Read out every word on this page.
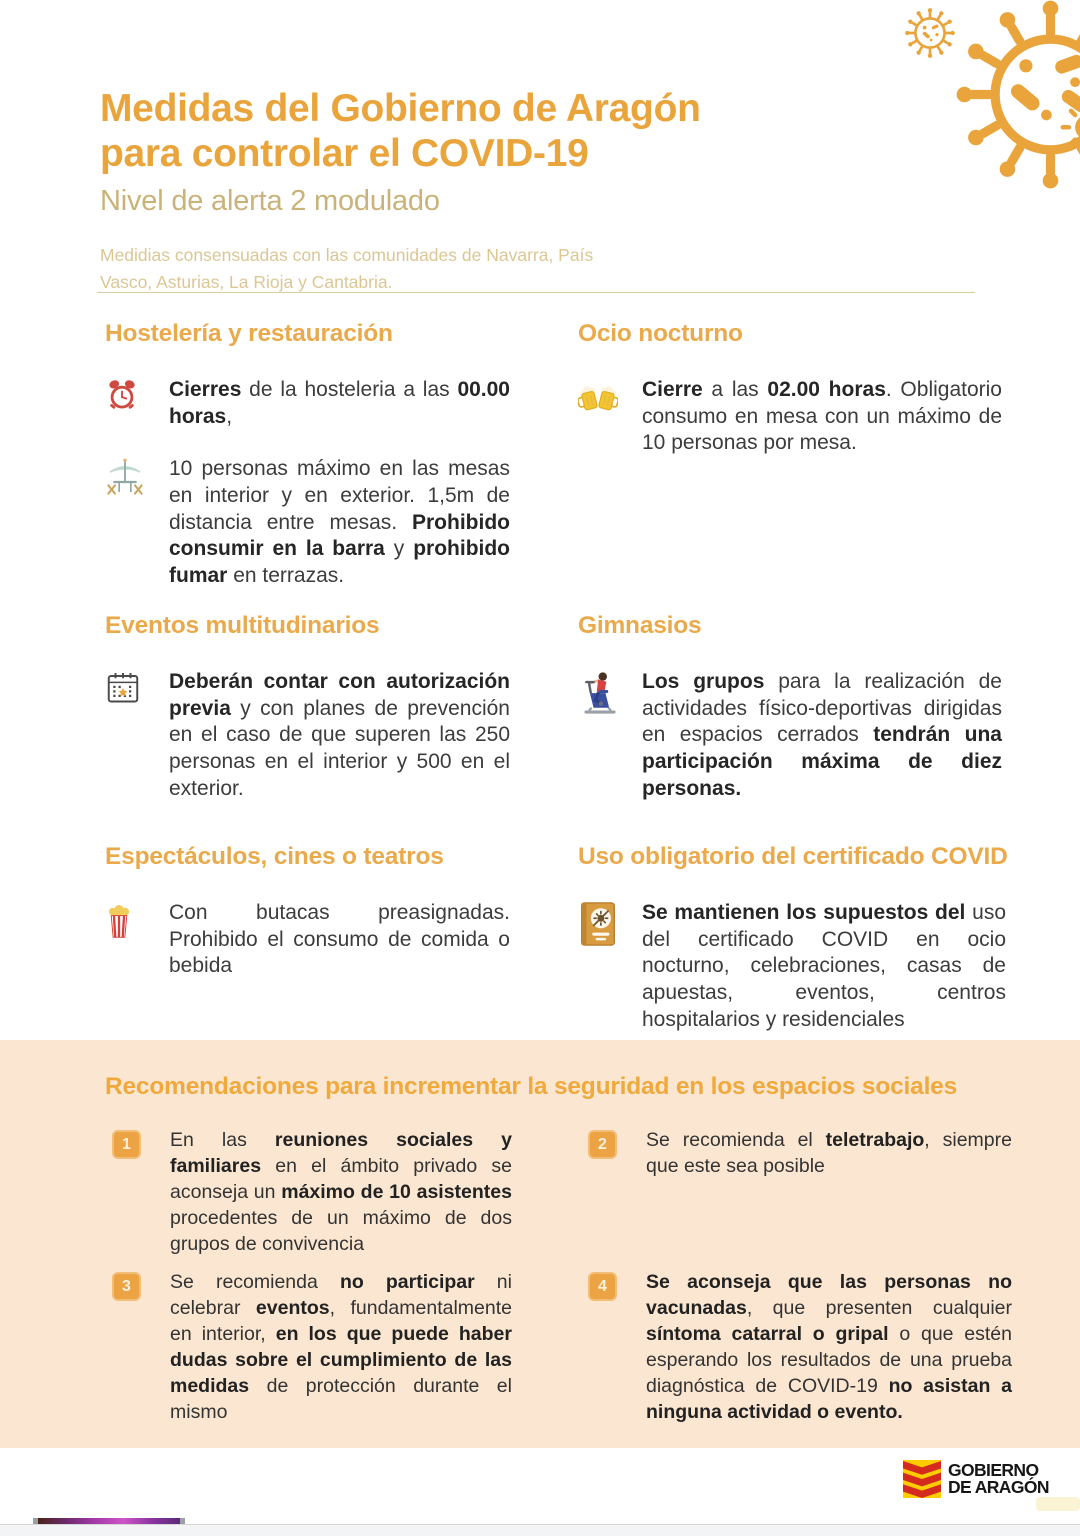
Medidas del Gobierno de Aragón
para controlar el COVID-19
Nivel de alerta 2 modulado
Medidias consensuadas con las comunidades de Navarra, País Vasco, Asturias, La Rioja y Cantabria.
Hostelería y restauración

Cierres de la hosteleria a las 00.00 horas,

10 personas máximo en las mesas en interior y en exterior. 1,5m de distancia entre mesas. Prohibido consumir en la barra y prohibido fumar en terrazas.

Ocio nocturno

Cierre a las 02.00 horas. Obligatorio consumo en mesa con un máximo de 10 personas por mesa.

Eventos multitudinarios

Deberán contar con autorización previa y con planes de prevención en el caso de que superen las 250 personas en el interior y 500 en el exterior.

Gimnasios

Los grupos para la realización de actividades físico-deportivas dirigidas en espacios cerrados tendrán una participación máxima de diez personas.

Espectáculos, cines o teatros

Con butacas preasignadas. Prohibido el consumo de comida o bebida

Uso obligatorio del certificado COVID

Se mantienen los supuestos del uso del certificado COVID en ocio nocturno, celebraciones, casas de apuestas, eventos, centros hospitalarios y residenciales

Recomendaciones para incrementar la seguridad en los espacios sociales
1	En las reuniones sociales y familiares en el ámbito privado se aconseja un máximo de 10 asistentes procedentes de un máximo de dos grupos de convivencia

2	Se recomienda el teletrabajo, siempre que este sea posible

3	Se recomienda no participar ni celebrar eventos, fundamentalmente en interior, en los que puede haber dudas sobre el cumplimiento de las medidas de protección durante el mismo

4	Se aconseja que las personas no vacunadas, que presenten cualquier síntoma catarral o gripal o que estén esperando los resultados de una prueba diagnóstica de COVID-19 no asistan a ninguna actividad o evento.

GOBIERNO
DE ARAGÓN
